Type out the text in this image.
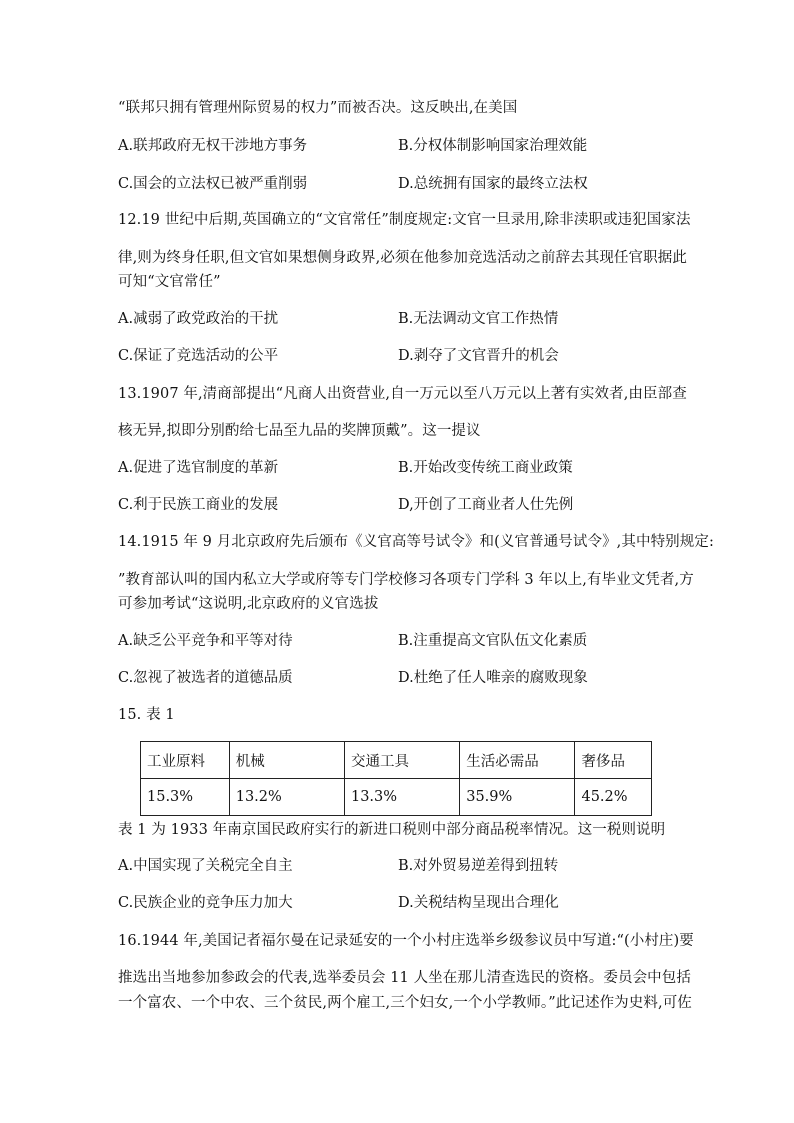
“联邦只拥有管理州际贸易的权力”而被否决。这反映出,在美国
A.联邦政府无权干涉地方事务	B.分权体制影响国家治理效能
C.国会的立法权已被严重削弱	D.总统拥有国家的最终立法权
12.19 世纪中后期,英国确立的“文官常任”制度规定:文官一旦录用,除非渎职或违犯国家法
律,则为终身任职,但文官如果想侧身政界,必须在他参加竞选活动之前辞去其现任官职据此
可知“文官常任”
A.减弱了政党政治的干扰	B.无法调动文官工作热情
C.保证了竞选活动的公平	D.剥夺了文官晋升的机会
13.1907 年,清商部提出“凡商人出资营业,自一万元以至八万元以上著有实效者,由臣部查
核无异,拟即分别酌给七品至九品的奖牌顶戴”。这一提议
A.促进了选官制度的革新	B.开始改变传统工商业政策
C.利于民族工商业的发展	D,开创了工商业者人仕先例
14.1915 年 9 月北京政府先后颁布《义官高等号试令》和(义官普通号试令》,其中特别规定:
”教育部认叫的国内私立大学或府等专门学校修习各项专门学科 3 年以上,有毕业文凭者,方
可参加考试“这说明,北京政府的义官选拔
A.缺乏公平竞争和平等对待	B.注重提高文官队伍文化素质
C.忽视了被选者的道德品质	D.杜绝了任人唯亲的腐败现象
15. 表 1
工业原料	机械	交通工具	生活必需品	奢侈品
15.3%	13.2%	13.3%	35.9%	45.2%
表 1 为 1933 年南京国民政府实行的新进口税则中部分商品税率情况。这一税则说明
A.中国实现了关税完全自主	B.对外贸易逆差得到扭转
C.民族企业的竞争压力加大	D.关税结构呈现出合理化
16.1944 年,美国记者福尔曼在记录延安的一个小村庄选举乡级参议员中写道:“(小村庄)要
推选出当地参加参政会的代表,选举委员会 11 人坐在那儿清查选民的资格。委员会中包括
一个富农、一个中农、三个贫民,两个雇工,三个妇女,一个小学教师。”此记述作为史料,可佐
